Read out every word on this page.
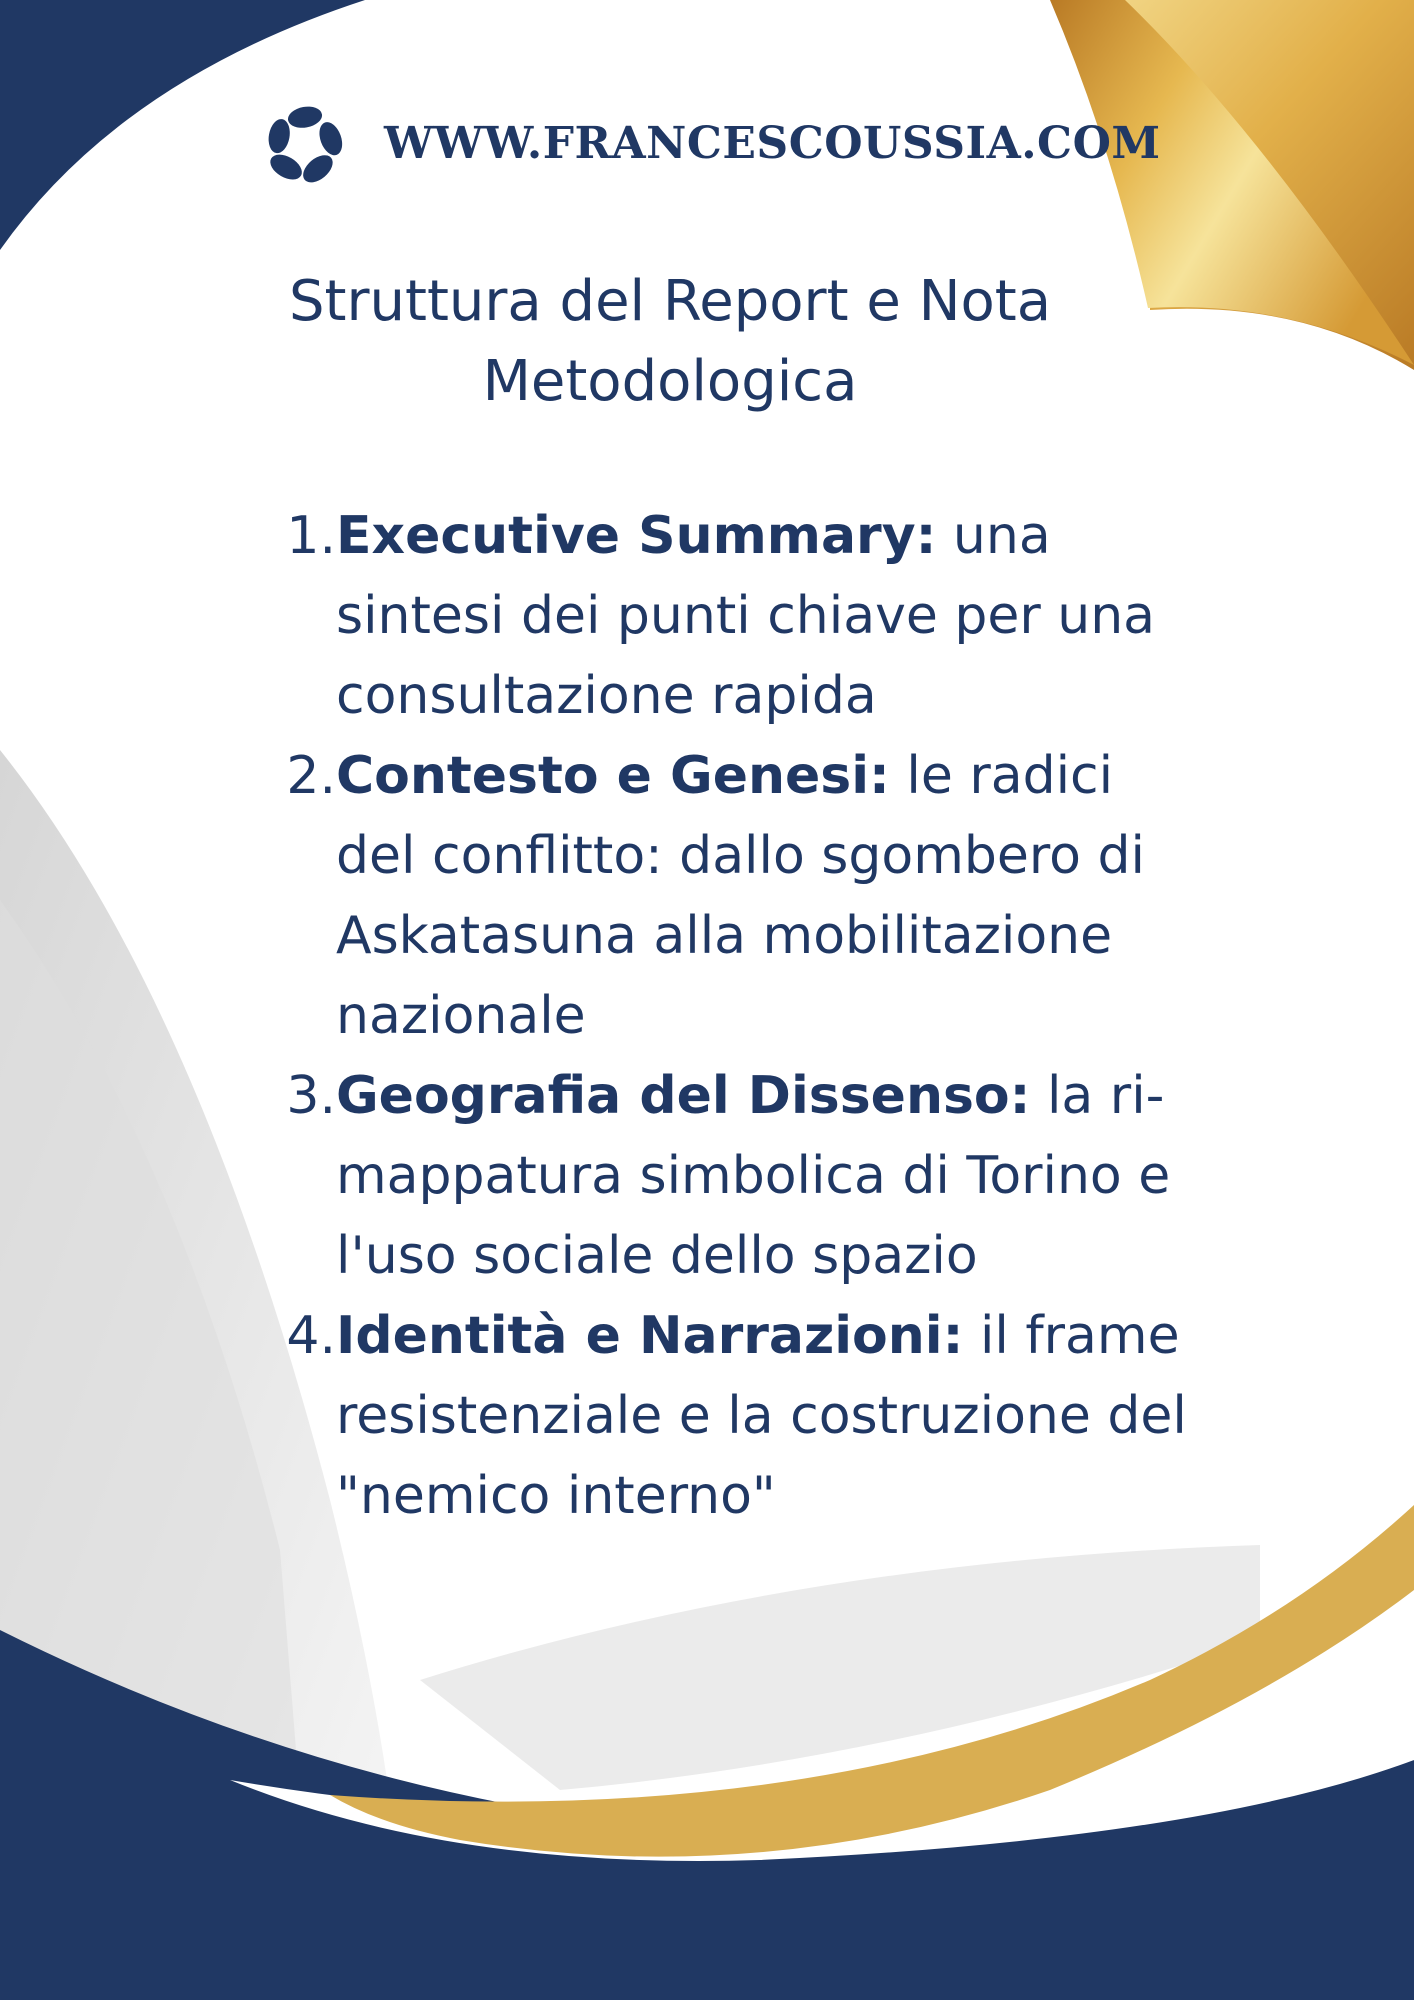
WWW.FRANCESCOUSSIA.COM
Struttura del Report e Nota Metodologica
1. Executive Summary: una sintesi dei punti chiave per una consultazione rapida
2. Contesto e Genesi: le radici del conflitto: dallo sgombero di Askatasuna alla mobilitazione nazionale
3. Geografia del Dissenso: la ri-mappatura simbolica di Torino e l'uso sociale dello spazio
4. Identità e Narrazioni: il frame resistenziale e la costruzione del "nemico interno"
